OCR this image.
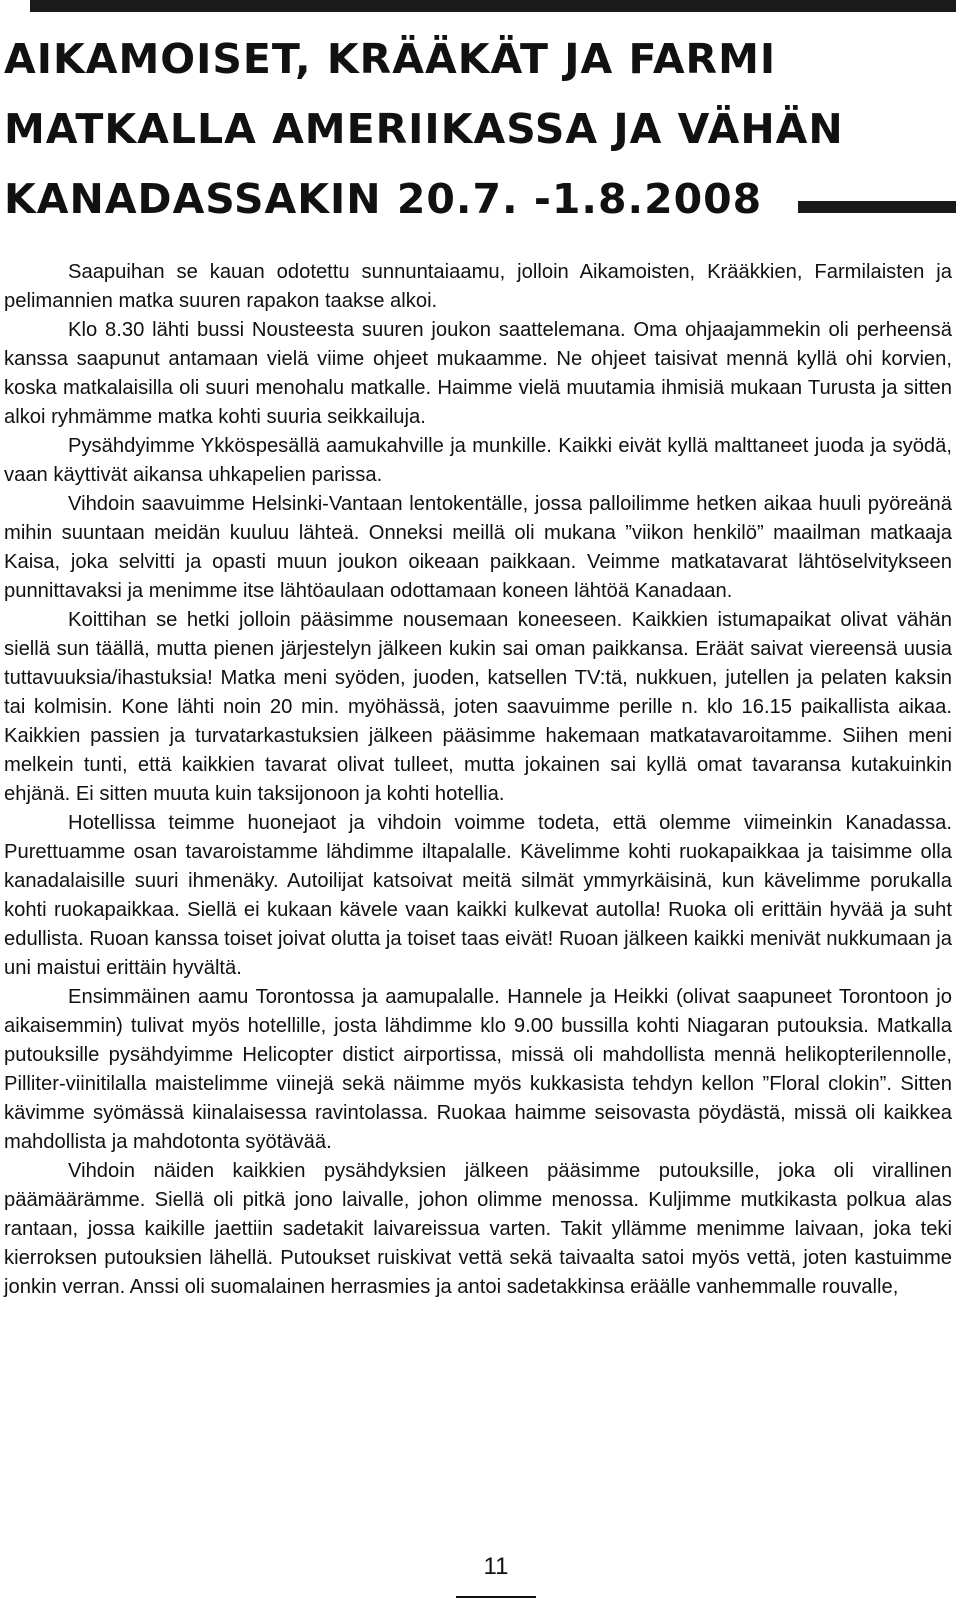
AIKAMOISET, KRÄÄKÄT JA FARMI
MATKALLA AMERIIKASSA JA VÄHÄN
KANADASSAKIN 20.7. -1.8.2008

Saapuihan se kauan odotettu sunnuntaiaamu, jolloin Aikamoisten, Krääkkien, Farmilaisten ja pelimannien matka suuren rapakon taakse alkoi.

Klo 8.30 lähti bussi Nousteesta suuren joukon saattelemana. Oma ohjaajammekin oli perheensä kanssa saapunut antamaan vielä viime ohjeet mukaamme. Ne ohjeet taisivat mennä kyllä ohi korvien, koska matkalaisilla oli suuri menohalu matkalle. Haimme vielä muutamia ihmisiä mukaan Turusta ja sitten alkoi ryhmämme matka kohti suuria seikkailuja.

Pysähdyimme Ykköspesällä aamukahville ja munkille. Kaikki eivät kyllä malttaneet juoda ja syödä, vaan käyttivät aikansa uhkapelien parissa.

Vihdoin saavuimme Helsinki-Vantaan lentokentälle, jossa palloilimme hetken aikaa huuli pyöreänä mihin suuntaan meidän kuuluu lähteä. Onneksi meillä oli mukana ”viikon henkilö” maailman matkaaja Kaisa, joka selvitti ja opasti muun joukon oikeaan paikkaan. Veimme matkatavarat lähtöselvitykseen punnittavaksi ja menimme itse lähtöaulaan odottamaan koneen lähtöä Kanadaan.

Koittihan se hetki jolloin pääsimme nousemaan koneeseen. Kaikkien istumapaikat olivat vähän siellä sun täällä, mutta pienen järjestelyn jälkeen kukin sai oman paikkansa. Eräät saivat viereensä uusia tuttavuuksia/ihastuksia! Matka meni syöden, juoden, katsellen TV:tä, nukkuen, jutellen ja pelaten kaksin tai kolmisin. Kone lähti noin 20 min. myöhässä, joten saavuimme perille n. klo 16.15 paikallista aikaa. Kaikkien passien ja turvatarkastuksien jälkeen pääsimme hakemaan matkatavaroitamme. Siihen meni melkein tunti, että kaikkien tavarat olivat tulleet, mutta jokainen sai kyllä omat tavaransa kutakuinkin ehjänä. Ei sitten muuta kuin taksijonoon ja kohti hotellia.

Hotellissa teimme huonejaot ja vihdoin voimme todeta, että olemme viimeinkin Kanadassa. Purettuamme osan tavaroistamme lähdimme iltapalalle. Kävelimme kohti ruokapaikkaa ja taisimme olla kanadalaisille suuri ihmenäky. Autoilijat katsoivat meitä silmät ymmyrkäisinä, kun kävelimme porukalla kohti ruokapaikkaa. Siellä ei kukaan kävele vaan kaikki kulkevat autolla! Ruoka oli erittäin hyvää ja suht edullista. Ruoan kanssa toiset joivat olutta ja toiset taas eivät! Ruoan jälkeen kaikki menivät nukkumaan ja uni maistui erittäin hyvältä.

Ensimmäinen aamu Torontossa ja aamupalalle. Hannele ja Heikki (olivat saapuneet Torontoon jo aikaisemmin) tulivat myös hotellille, josta lähdimme klo 9.00 bussilla kohti Niagaran putouksia. Matkalla putouksille pysähdyimme Helicopter distict airportissa, missä oli mahdollista mennä helikopterilennolle, Pilliter-viinitilalla maistelimme viinejä sekä näimme myös kukkasista tehdyn kellon ”Floral clokin”. Sitten kävimme syömässä kiinalaisessa ravintolassa. Ruokaa haimme seisovasta pöydästä, missä oli kaikkea mahdollista ja mahdotonta syötävää.

Vihdoin näiden kaikkien pysähdyksien jälkeen pääsimme putouksille, joka oli virallinen päämäärämme. Siellä oli pitkä jono laivalle, johon olimme menossa. Kuljimme mutkikasta polkua alas rantaan, jossa kaikille jaettiin sadetakit laivareissua varten. Takit yllämme menimme laivaan, joka teki kierroksen putouksien lähellä. Putoukset ruiskivat vettä sekä taivaalta satoi myös vettä, joten kastuimme jonkin verran. Anssi oli suomalainen herrasmies ja antoi sadetakkinsa eräälle vanhemmalle rouvalle,

11
